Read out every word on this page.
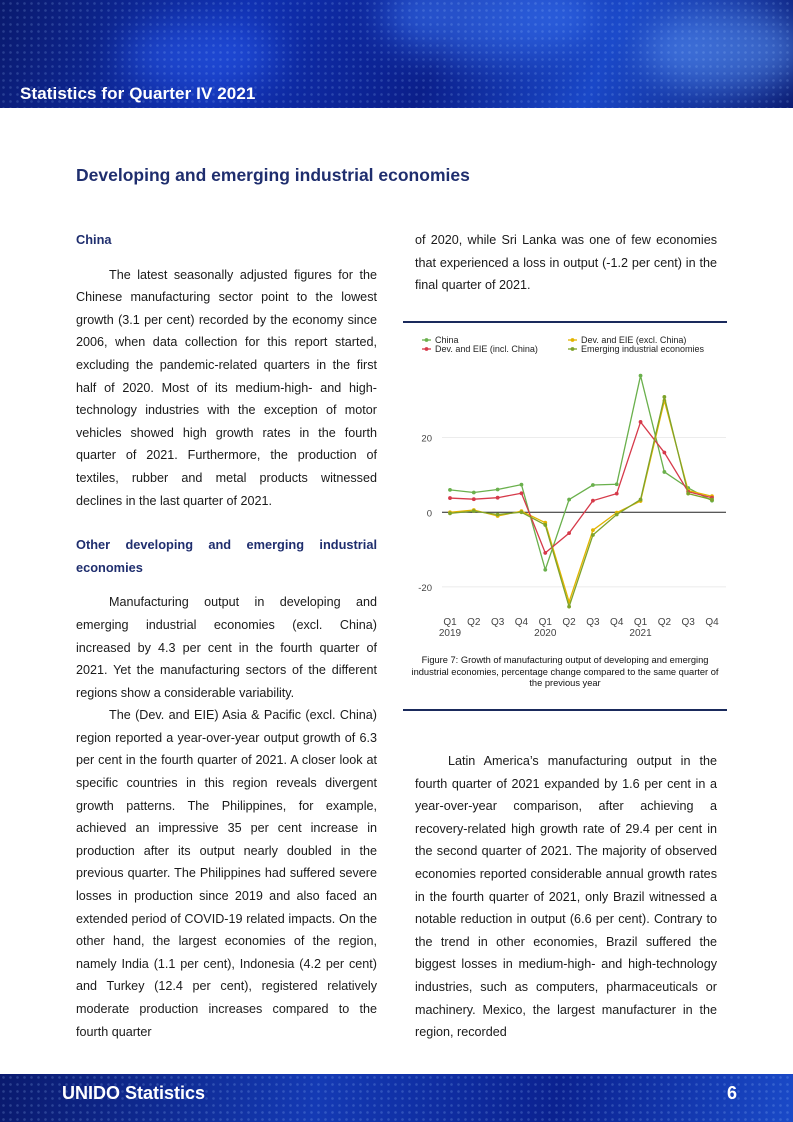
Statistics for Quarter IV 2021
Developing and emerging industrial economies
China

The latest seasonally adjusted figures for the Chinese manufacturing sector point to the lowest growth (3.1 per cent) recorded by the economy since 2006, when data collection for this report started, excluding the pandemic-related quarters in the first half of 2020. Most of its medium-high- and high-technology industries with the exception of motor vehicles showed high growth rates in the fourth quarter of 2021. Furthermore, the production of textiles, rubber and metal products witnessed declines in the last quarter of 2021.

Other developing and emerging industrial economies

Manufacturing output in developing and emerging industrial economies (excl. China) increased by 4.3 per cent in the fourth quarter of 2021. Yet the manufacturing sectors of the different regions show a considerable variability.

The (Dev. and EIE) Asia & Pacific (excl. China) region reported a year-over-year output growth of 6.3 per cent in the fourth quarter of 2021. A closer look at specific countries in this region reveals divergent growth patterns. The Philippines, for example, achieved an impressive 35 per cent increase in production after its output nearly doubled in the previous quarter. The Philippines had suffered severe losses in production since 2019 and also faced an extended period of COVID-19 related impacts. On the other hand, the largest economies of the region, namely India (1.1 per cent), Indonesia (4.2 per cent) and Turkey (12.4 per cent), registered relatively moderate production increases compared to the fourth quarter

of 2020, while Sri Lanka was one of few economies that experienced a loss in output (-1.2 per cent) in the final quarter of 2021.

-20
0
20
Q1 Q2 Q3 Q4 Q1 Q2 Q3 Q4 Q1 Q2 Q3 Q4
2019	2020	2021
China
Dev. and EIE (incl. China)
Dev. and EIE (excl. China)
Emerging industrial economies
Figure 7: Growth of manufacturing output of developing and emerging industrial economies, percentage change compared to the same quarter of the previous year

Latin America’s manufacturing output in the fourth quarter of 2021 expanded by 1.6 per cent in a year-over-year comparison, after achieving a recovery-related high growth rate of 29.4 per cent in the second quarter of 2021. The majority of observed economies reported considerable annual growth rates in the fourth quarter of 2021, only Brazil witnessed a notable reduction in output (6.6 per cent). Contrary to the trend in other economies, Brazil suffered the biggest losses in medium-high- and high-technology industries, such as computers, pharmaceuticals or machinery. Mexico, the largest manufacturer in the region, recorded

UNIDO Statistics	6
